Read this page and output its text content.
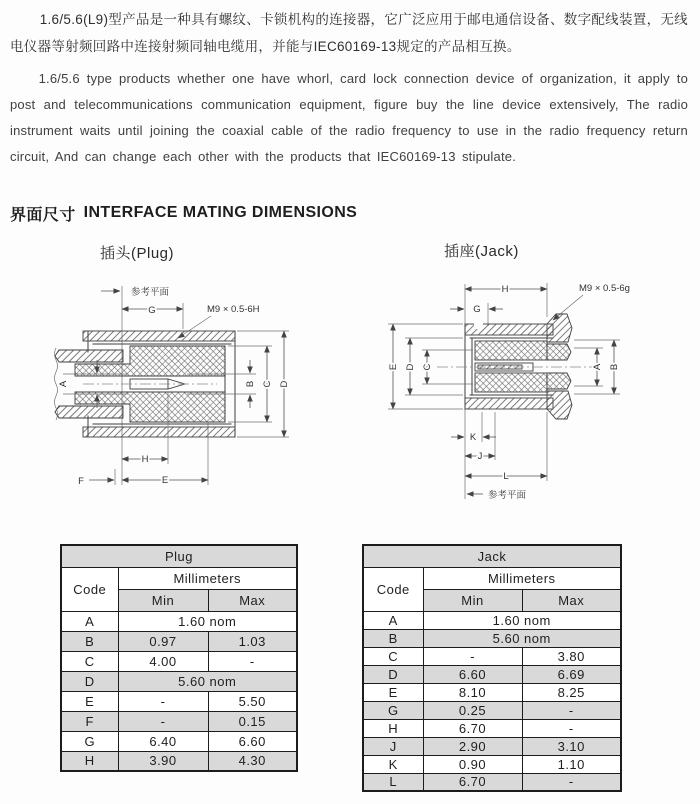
1.6/5.6(L9)型产品是一种具有螺纹、卡锁机构的连接器，它广泛应用于邮电通信设备、数字配线装置，无线电仪器等射频回路中连接射频同轴电缆用，并能与IEC60169-13规定的产品相互换。

1.6/5.6 type products whether one have whorl, card lock connection device of organization, it apply to post and telecommunications communication equipment, figure buy the line device extensively, The radio instrument waits until joining the coaxial cable of the radio frequency to use in the radio frequency return circuit, And can change each other with the products that IEC60169-13 stipulate.

界面尺寸 INTERFACE MATING DIMENSIONS
插头(Plug)	插座(Jack)
参考平面
G	M9 × 0.5-6H
A	B C D
H
E
F
H
G
M9 × 0.5-6g
E D C	A B
K
J
L
参考平面
Plug		
Code	Millimeters	
	Min	Max
A	1.60 nom	
B	0.97	1.03
C	4.00	-
D	5.60 nom	
E	-	5.50
F	-	0.15
G	6.40	6.60
H	3.90	4.30
Jack		
Code	Millimeters	
	Min	Max
A	1.60 nom	
B	5.60 nom	
C	-	3.80
D	6.60	6.69
E	8.10	8.25
G	0.25	-
H	6.70	-
J	2.90	3.10
K	0.90	1.10
L	6.70	-
